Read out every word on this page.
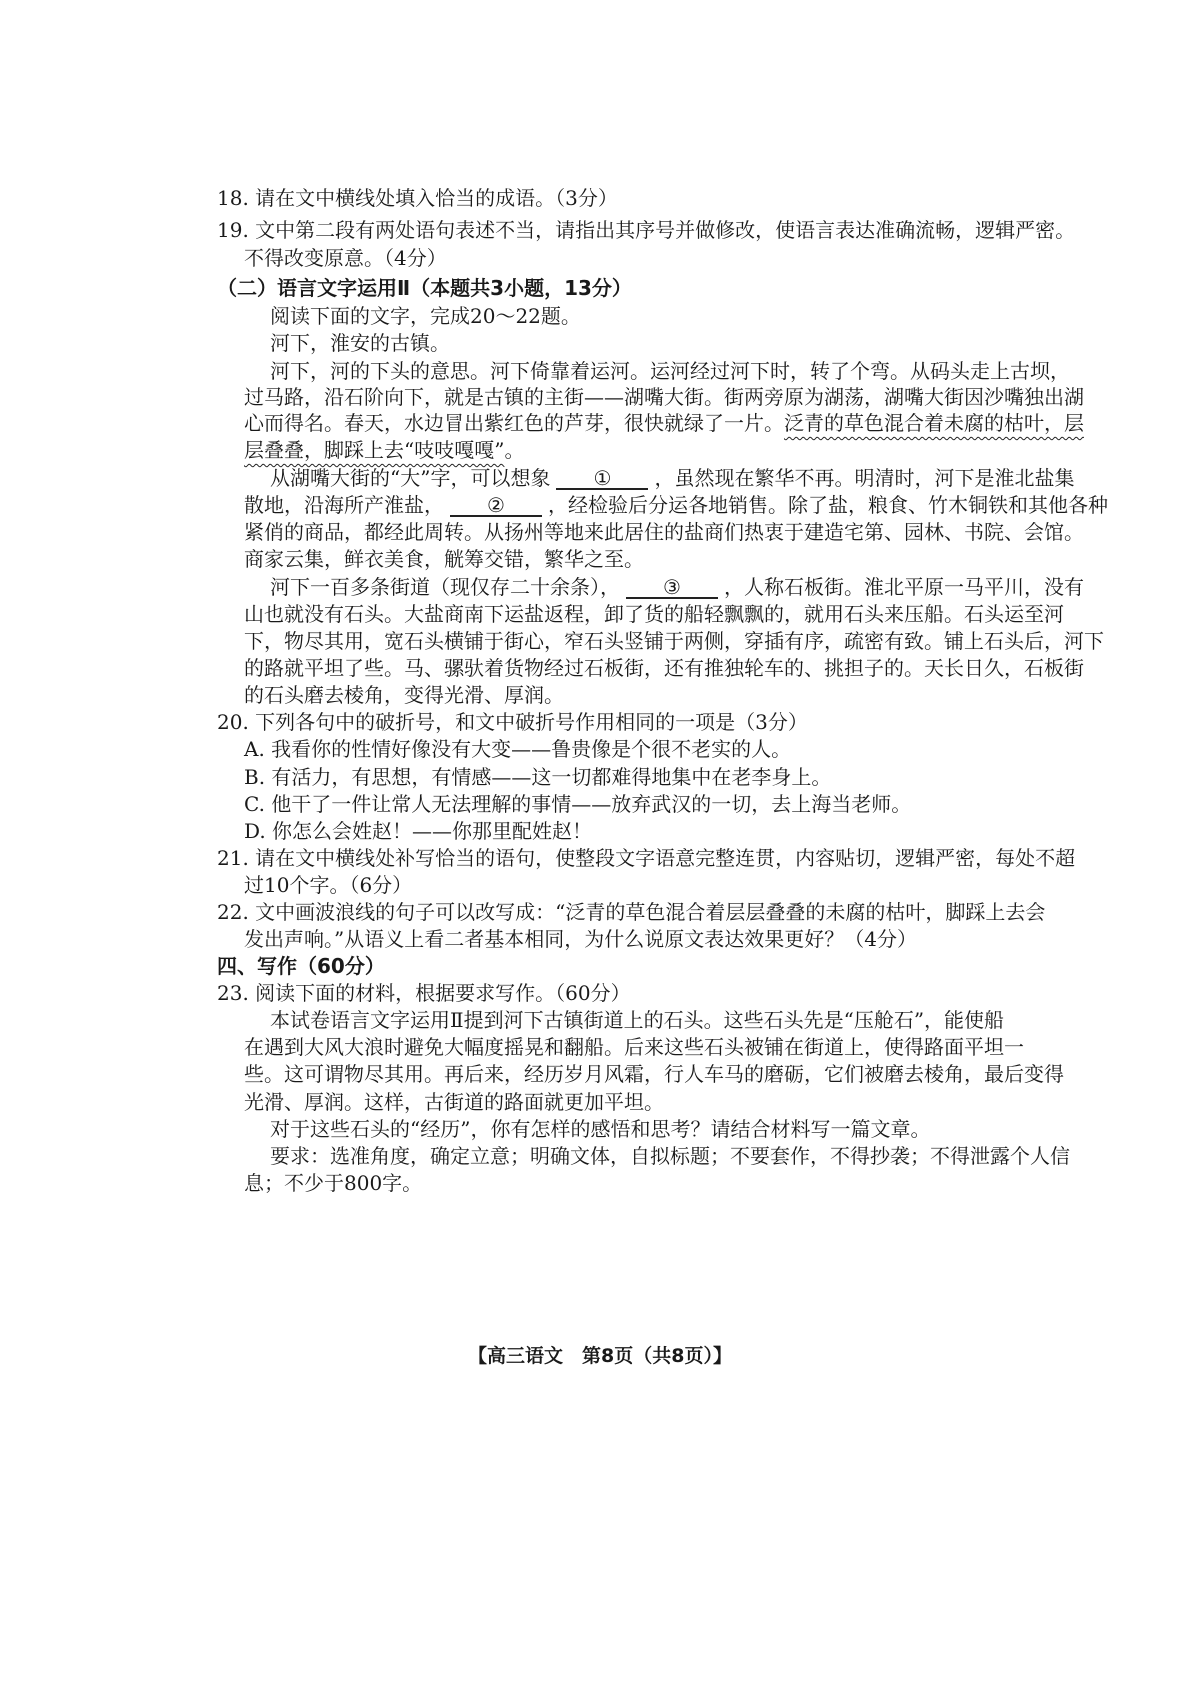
18. 请在文中横线处填入恰当的成语。（3分）
19. 文中第二段有两处语句表述不当，请指出其序号并做修改，使语言表达准确流畅，逻辑严密。
不得改变原意。（4分）
（二）语言文字运用Ⅱ（本题共3小题，13分）
阅读下面的文字，完成20～22题。
河下，淮安的古镇。
河下，河的下头的意思。河下倚靠着运河。运河经过河下时，转了个弯。从码头走上古坝，
过马路，沿石阶向下，就是古镇的主街——湖嘴大街。街两旁原为湖荡，湖嘴大街因沙嘴独出湖
心而得名。春天，水边冒出紫红色的芦芽，很快就绿了一片。泛青的草色混合着未腐的枯叶，层
层叠叠，脚踩上去“吱吱嘎嘎”。
从湖嘴大街的“大”字，可以想象 ① ，虽然现在繁华不再。明清时，河下是淮北盐集
散地，沿海所产淮盐， ② ，经检验后分运各地销售。除了盐，粮食、竹木铜铁和其他各种
紧俏的商品，都经此周转。从扬州等地来此居住的盐商们热衷于建造宅第、园林、书院、会馆。
商家云集，鲜衣美食，觥筹交错，繁华之至。
河下一百多条街道（现仅存二十余条）， ③ ，人称石板街。淮北平原一马平川，没有
山也就没有石头。大盐商南下运盐返程，卸了货的船轻飘飘的，就用石头来压船。石头运至河
下，物尽其用，宽石头横铺于街心，窄石头竖铺于两侧，穿插有序，疏密有致。铺上石头后，河下
的路就平坦了些。马、骡驮着货物经过石板街，还有推独轮车的、挑担子的。天长日久，石板街
的石头磨去棱角，变得光滑、厚润。
20. 下列各句中的破折号，和文中破折号作用相同的一项是（3分）
A. 我看你的性情好像没有大变——鲁贵像是个很不老实的人。
B. 有活力，有思想，有情感——这一切都难得地集中在老李身上。
C. 他干了一件让常人无法理解的事情——放弃武汉的一切，去上海当老师。
D. 你怎么会姓赵！——你那里配姓赵！
21. 请在文中横线处补写恰当的语句，使整段文字语意完整连贯，内容贴切，逻辑严密，每处不超
过10个字。（6分）
22. 文中画波浪线的句子可以改写成：“泛青的草色混合着层层叠叠的未腐的枯叶，脚踩上去会
发出声响。”从语义上看二者基本相同，为什么说原文表达效果更好？（4分）
四、写作（60分）
23. 阅读下面的材料，根据要求写作。（60分）
本试卷语言文字运用Ⅱ提到河下古镇街道上的石头。这些石头先是“压舱石”，能使船
在遇到大风大浪时避免大幅度摇晃和翻船。后来这些石头被铺在街道上，使得路面平坦一
些。这可谓物尽其用。再后来，经历岁月风霜，行人车马的磨砺，它们被磨去棱角，最后变得
光滑、厚润。这样，古街道的路面就更加平坦。
对于这些石头的“经历”，你有怎样的感悟和思考？请结合材料写一篇文章。
要求：选准角度，确定立意；明确文体，自拟标题；不要套作，不得抄袭；不得泄露个人信
息；不少于800字。
【高三语文　第8页（共8页）】
